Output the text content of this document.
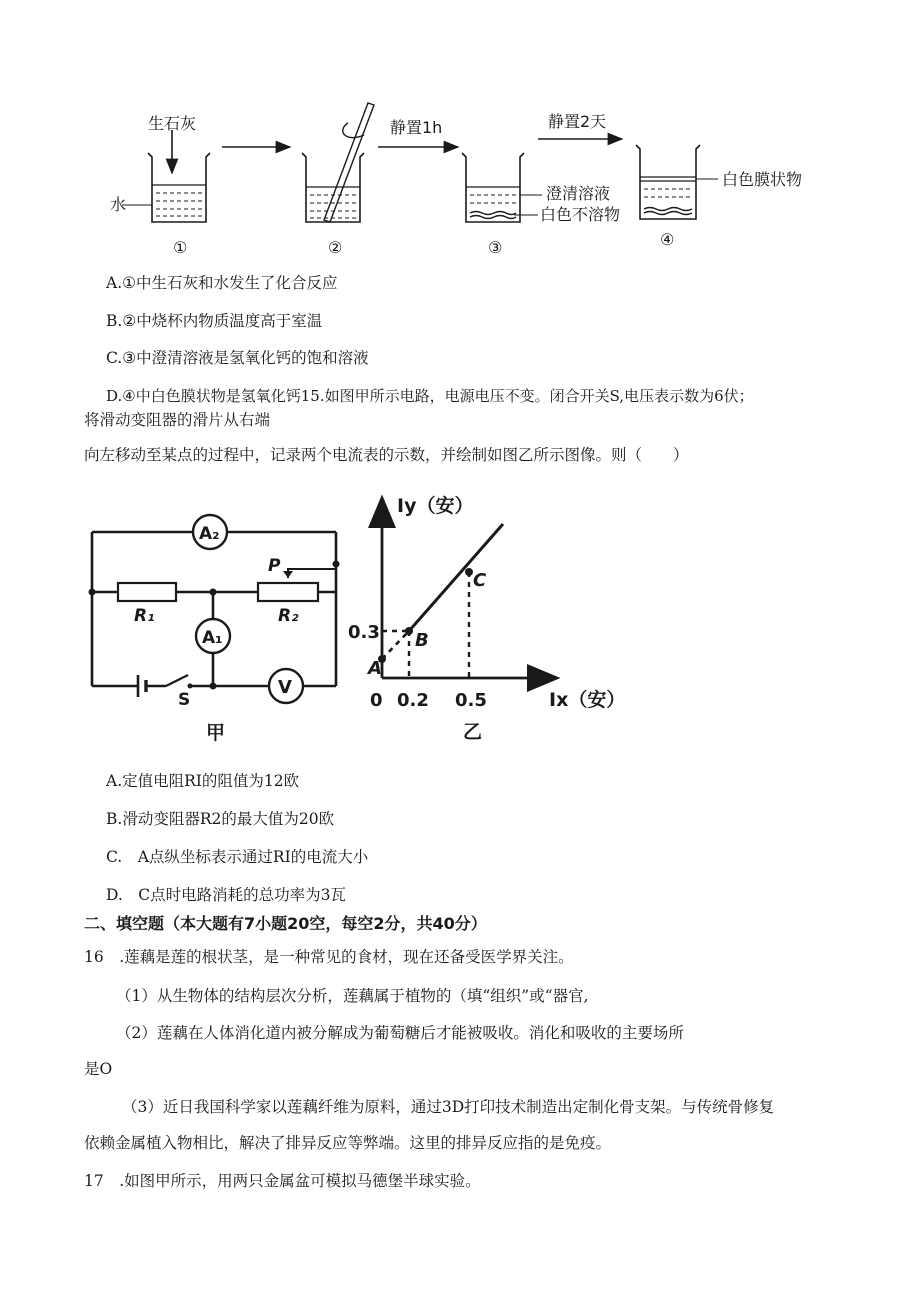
生石灰
水
①	②
静置1h
澄清溶液
白色不溶物
③
静置2天
白色膜状物
④
A.①中生石灰和水发生了化合反应
B.②中烧杯内物质温度高于室温
C.③中澄清溶液是氢氧化钙的饱和溶液
D.④中白色膜状物是氢氧化钙15.如图甲所示电路，电源电压不变。闭合开关S,电压表示数为6伏；
将滑动变阻器的滑片从右端
向左移动至某点的过程中，记录两个电流表的示数，并绘制如图乙所示图像。则（　　）
A₂
A₁
V
P
R₁	R₂
S
甲
Iy（安）
Ix（安）
0.3
0 0.2 0.5
A
B
C
乙
A.定值电阻RI的阻值为12欧
B.滑动变阻器R2的最大值为20欧
C.　A点纵坐标表示通过RI的电流大小
D.　C点时电路消耗的总功率为3瓦
二、填空题（本大题有7小题20空，每空2分，共40分）
16　.莲藕是莲的根状茎，是一种常见的食材，现在还备受医学界关注。
（1）从生物体的结构层次分析，莲藕属于植物的（填“组织”或“器官,
（2）莲藕在人体消化道内被分解成为葡萄糖后才能被吸收。消化和吸收的主要场所
是O
（3）近日我国科学家以莲藕纤维为原料，通过3D打印技术制造出定制化骨支架。与传统骨修复
依赖金属植入物相比，解决了排异反应等弊端。这里的排异反应指的是免疫。
17　.如图甲所示，用两只金属盆可模拟马德堡半球实验。
